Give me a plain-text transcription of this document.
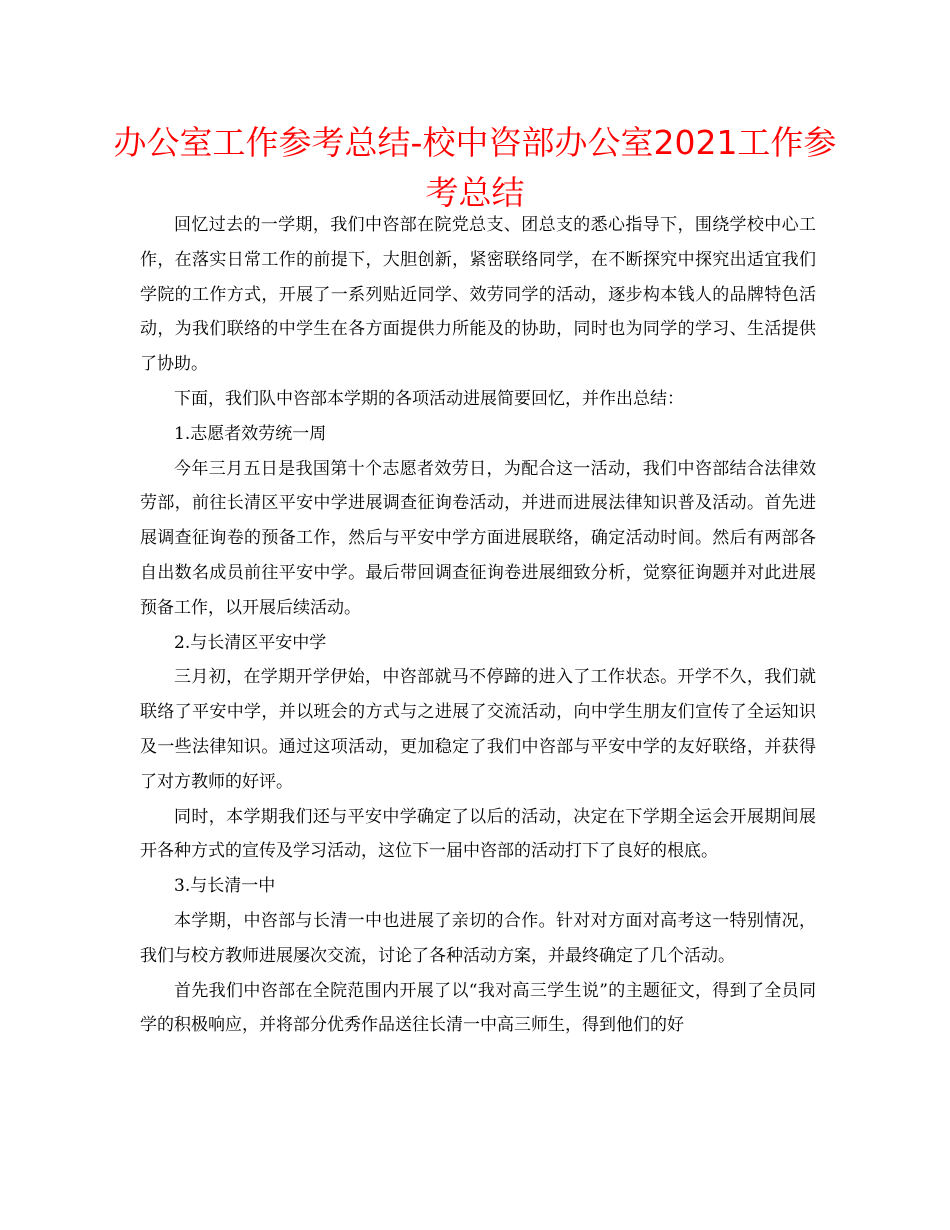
办公室工作参考总结-校中咨部办公室2021工作参考总结

回忆过去的一学期，我们中咨部在院党总支、团总支的悉心指导下，围绕学校中心工作，在落实日常工作的前提下，大胆创新，紧密联络同学，在不断探究中探究出适宜我们学院的工作方式，开展了一系列贴近同学、效劳同学的活动，逐步构本钱人的品牌特色活动，为我们联络的中学生在各方面提供力所能及的协助，同时也为同学的学习、生活提供了协助。

下面，我们队中咨部本学期的各项活动进展简要回忆，并作出总结：

1.志愿者效劳统一周

今年三月五日是我国第十个志愿者效劳日，为配合这一活动，我们中咨部结合法律效劳部，前往长清区平安中学进展调查征询卷活动，并进而进展法律知识普及活动。首先进展调查征询卷的预备工作，然后与平安中学方面进展联络，确定活动时间。然后有两部各自出数名成员前往平安中学。最后带回调查征询卷进展细致分析，觉察征询题并对此进展预备工作，以开展后续活动。

2.与长清区平安中学

三月初，在学期开学伊始，中咨部就马不停蹄的进入了工作状态。开学不久，我们就联络了平安中学，并以班会的方式与之进展了交流活动，向中学生朋友们宣传了全运知识及一些法律知识。通过这项活动，更加稳定了我们中咨部与平安中学的友好联络，并获得了对方教师的好评。

同时，本学期我们还与平安中学确定了以后的活动，决定在下学期全运会开展期间展开各种方式的宣传及学习活动，这位下一届中咨部的活动打下了良好的根底。

3.与长清一中

本学期，中咨部与长清一中也进展了亲切的合作。针对对方面对高考这一特别情况，我们与校方教师进展屡次交流，讨论了各种活动方案，并最终确定了几个活动。

首先我们中咨部在全院范围内开展了以“我对高三学生说”的主题征文，得到了全员同学的积极响应，并将部分优秀作品送往长清一中高三师生，得到他们的好
